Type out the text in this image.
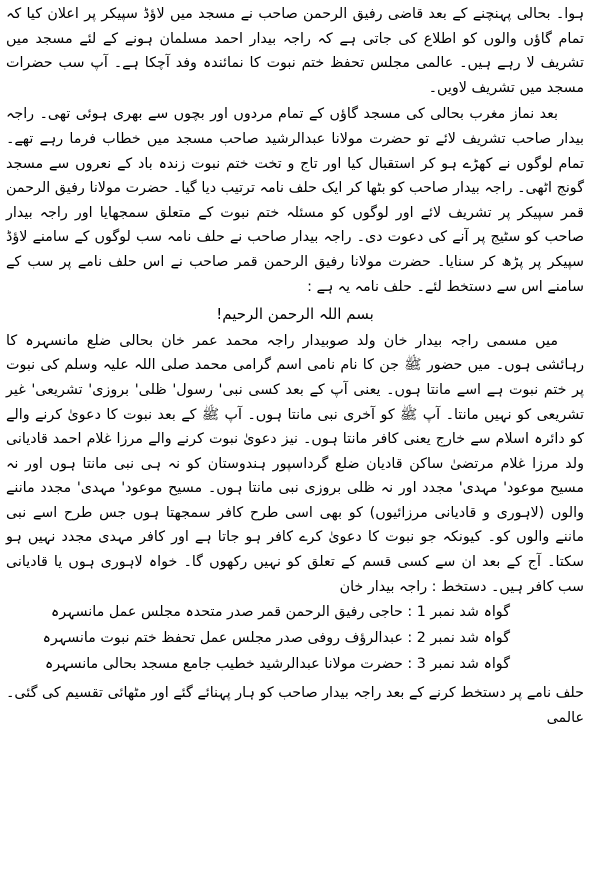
ہوا۔ بحالی پہنچنے کے بعد قاضی رفیق الرحمن صاحب نے مسجد میں لاؤڈ سپیکر پر اعلان کیا کہ تمام گاؤں والوں کو اطلاع کی جاتی ہے کہ راجہ بیدار احمد مسلمان ہونے کے لئے مسجد میں تشریف لا رہے ہیں۔ عالمی مجلس تحفظ ختم نبوت کا نمائندہ وفد آچکا ہے۔ آپ سب حضرات مسجد میں تشریف لاویں۔

بعد نماز مغرب بحالی کی مسجد گاؤں کے تمام مردوں اور بچوں سے بھری ہوئی تھی۔ راجہ بیدار صاحب تشریف لائے تو حضرت مولانا عبدالرشید صاحب مسجد میں خطاب فرما رہے تھے۔ تمام لوگوں نے کھڑے ہو کر استقبال کیا اور تاج و تخت ختم نبوت زندہ باد کے نعروں سے مسجد گونج اٹھی۔ راجہ بیدار صاحب کو بٹھا کر ایک حلف نامہ ترتیب دیا گیا۔ حضرت مولانا رفیق الرحمن قمر سپیکر پر تشریف لائے اور لوگوں کو مسئلہ ختم نبوت کے متعلق سمجھایا اور راجہ بیدار صاحب کو سٹیج پر آنے کی دعوت دی۔ راجہ بیدار صاحب نے حلف نامہ سب لوگوں کے سامنے لاؤڈ سپیکر پر پڑھ کر سنایا۔ حضرت مولانا رفیق الرحمن قمر صاحب نے اس حلف نامے پر سب کے سامنے اس سے دستخط لئے۔ حلف نامہ یہ ہے :

بسم اللہ الرحمن الرحیم!

میں مسمی راجہ بیدار خان ولد صوبیدار راجہ محمد عمر خان بحالی ضلع مانسہرہ کا رہائشی ہوں۔ میں حضور ﷺ جن کا نام نامی اسم گرامی محمد صلی اللہ علیہ وسلم کی نبوت پر ختم نبوت ہے اسے مانتا ہوں۔ یعنی آپ کے بعد کسی نبی' رسول' ظلی' بروزی' تشریعی' غیر تشریعی کو نہیں مانتا۔ آپ ﷺ کو آخری نبی مانتا ہوں۔ آپ ﷺ کے بعد نبوت کا دعویٰ کرنے والے کو دائرہ اسلام سے خارج یعنی کافر مانتا ہوں۔ نیز دعویٰ نبوت کرنے والے مرزا غلام احمد قادیانی ولد مرزا غلام مرتضیٰ ساکن قادیان ضلع گرداسپور ہندوستان کو نہ ہی نبی مانتا ہوں اور نہ مسیح موعود' مہدی' مجدد اور نہ ظلی بروزی نبی مانتا ہوں۔ مسیح موعود' مہدی' مجدد ماننے والوں (لاہوری و قادیانی مرزائیوں) کو بھی اسی طرح کافر سمجھتا ہوں جس طرح اسے نبی ماننے والوں کو۔ کیونکہ جو نبوت کا دعویٰ کرے کافر ہو جاتا ہے اور کافر مہدی مجدد نہیں ہو سکتا۔ آج کے بعد ان سے کسی قسم کے تعلق کو نہیں رکھوں گا۔ خواہ لاہوری ہوں یا قادیانی سب کافر ہیں۔ دستخط : راجہ بیدار خان

گواہ شد نمبر 1 : حاجی رفیق الرحمن قمر صدر متحدہ مجلس عمل مانسہرہ

گواہ شد نمبر 2 : عبدالرؤف روفی صدر مجلس عمل تحفظ ختم نبوت مانسہرہ

گواہ شد نمبر 3 : حضرت مولانا عبدالرشید خطیب جامع مسجد بحالی مانسہرہ

حلف نامے پر دستخط کرنے کے بعد راجہ بیدار صاحب کو ہار پہنائے گئے اور مٹھائی تقسیم کی گئی۔ عالمی
